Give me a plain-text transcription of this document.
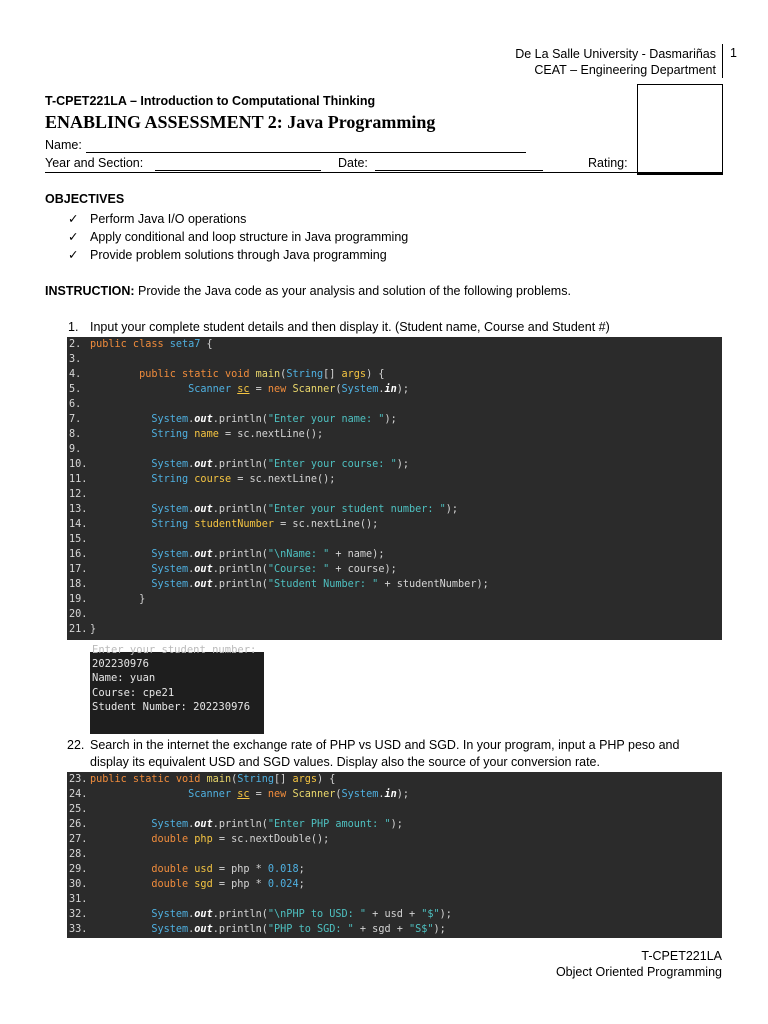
De La Salle University - Dasmariñas
CEAT – Engineering Department
1
T-CPET221LA – Introduction to Computational Thinking
ENABLING ASSESSMENT 2: Java Programming
Name:
Year and Section:	Date:	Rating:
OBJECTIVES
✓ Perform Java I/O operations
✓ Apply conditional and loop structure in Java programming
✓ Provide problem solutions through Java programming
INSTRUCTION: Provide the Java code as your analysis and solution of the following problems.
1. Input your complete student details and then display it. (Student name, Course and Student #)
2.
3.
4.
5.
6.
7.
8.
9.
10.
11.
12.
13.
14.
15.
16.
17.
18.
19.
20.
21.
public class seta7 {
public static void main(String[] args) {
Scanner sc = new Scanner(System.in);
System.out.println("Enter your name: ");
String name = sc.nextLine();
System.out.println("Enter your course: ");
String course = sc.nextLine();
System.out.println("Enter your student number: ");
String studentNumber = sc.nextLine();
System.out.println("\nName: " + name);
System.out.println("Course: " + course);
System.out.println("Student Number: " + studentNumber);
}
}
Enter your student number:
202230976
Name: yuan
Course: cpe21
Student Number: 202230976
22. Search in the internet the exchange rate of PHP vs USD and SGD. In your program, input a PHP peso and
display its equivalent USD and SGD values. Display also the source of your conversion rate.
23.
24.
25.
26.
27.
28.
29.
30.
31.
32.
33.
public static void main(String[] args) {
Scanner sc = new Scanner(System.in);
System.out.println("Enter PHP amount: ");
double php = sc.nextDouble();
double usd = php * 0.018;
double sgd = php * 0.024;
System.out.println("\nPHP to USD: " + usd + "$");
System.out.println("PHP to SGD: " + sgd + "S$");
T-CPET221LA
Object Oriented Programming
